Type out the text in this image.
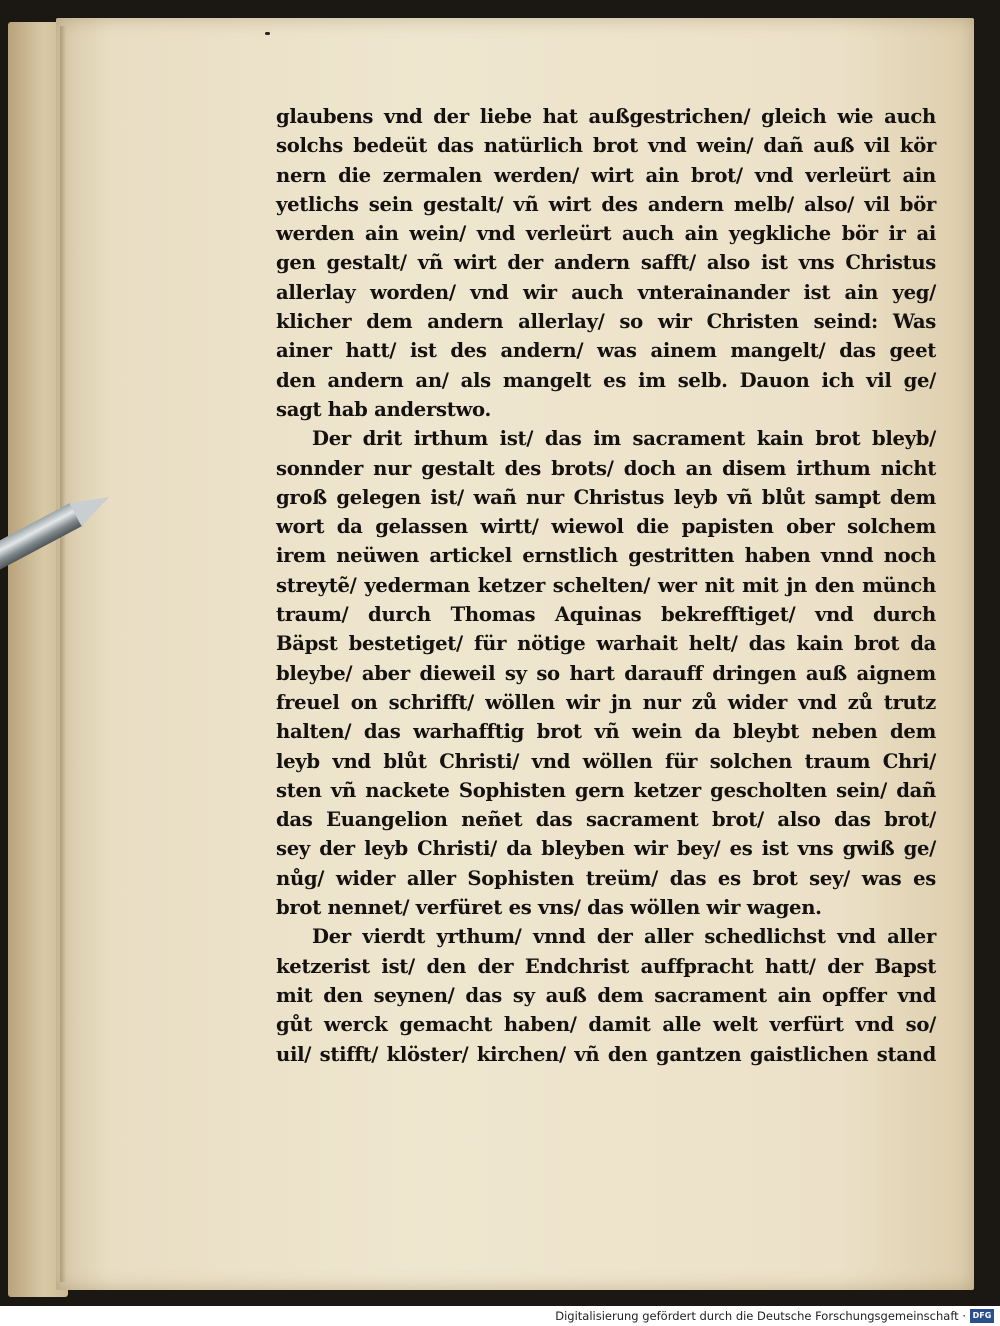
glaubens vnd der liebe hat außgestrichen/ gleich wie auch
solchs bedeüt das natürlich brot vnd wein/ dañ auß vil kör
nern die zermalen werden/ wirt ain brot/ vnd verleürt ain
yetlichs sein gestalt/ vñ wirt des andern melb/ also/ vil bör
werden ain wein/ vnd verleürt auch ain yegkliche bör ir ai
gen gestalt/ vñ wirt der andern safft/ also ist vns Christus
allerlay worden/ vnd wir auch vnterainander ist ain yeg/
klicher dem andern allerlay/ so wir Christen seind: Was
ainer hatt/ ist des andern/ was ainem mangelt/ das geet
den andern an/ als mangelt es im selb. Dauon ich vil ge/
sagt hab anderstwo.
Der drit irthum ist/ das im sacrament kain brot bleyb/
sonnder nur gestalt des brots/ doch an disem irthum nicht
groß gelegen ist/ wañ nur Christus leyb vñ blůt sampt dem
wort da gelassen wirtt/ wiewol die papisten ober solchem
irem neüwen artickel ernstlich gestritten haben vnnd noch
streytẽ/ yederman ketzer schelten/ wer nit mit jn den münch
traum/ durch Thomas Aquinas bekrefftiget/ vnd durch
Bäpst bestetiget/ für nötige warhait helt/ das kain brot da
bleybe/ aber dieweil sy so hart darauff dringen auß aignem
freuel on schrifft/ wöllen wir jn nur zů wider vnd zů trutz
halten/ das warhafftig brot vñ wein da bleybt neben dem
leyb vnd blůt Christi/ vnd wöllen für solchen traum Chri/
sten vñ nackete Sophisten gern ketzer gescholten sein/ dañ
das Euangelion neñet das sacrament brot/ also das brot/
sey der leyb Christi/ da bleyben wir bey/ es ist vns gwiß ge/
nůg/ wider aller Sophisten treüm/ das es brot sey/ was es
brot nennet/ verfüret es vns/ das wöllen wir wagen.
Der vierdt yrthum/ vnnd der aller schedlichst vnd aller
ketzerist ist/ den der Endchrist auffpracht hatt/ der Bapst
mit den seynen/ das sy auß dem sacrament ain opffer vnd
gůt werck gemacht haben/ damit alle welt verfürt vnd so/
uil/ stifft/ klöster/ kirchen/ vñ den gantzen gaistlichen stand
Digitalisierung gefördert durch die Deutsche Forschungsgemeinschaft · DFG
